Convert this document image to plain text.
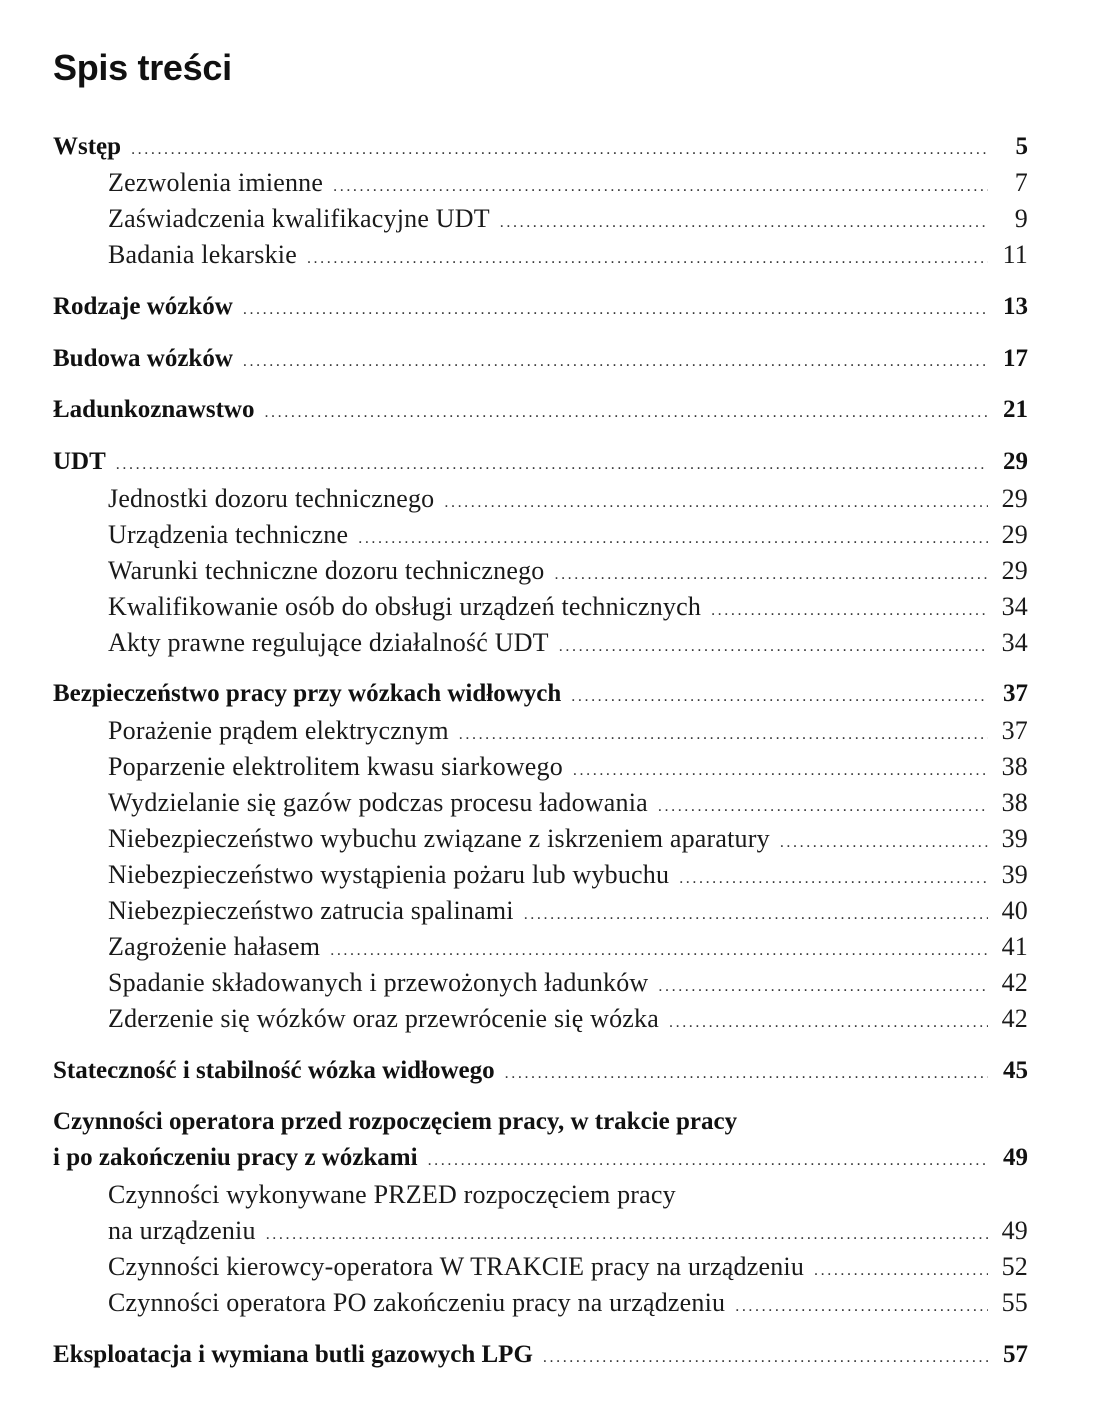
Spis treści
Wstęp .....	5
Zezwolenia imienne .....	7
Zaświadczenia kwalifikacyjne UDT .....	9
Badania lekarskie .....	11
Rodzaje wózków .....	13
Budowa wózków .....	17
Ładunkoznawstwo .....	21
UDT .....	29
Jednostki dozoru technicznego .....	29
Urządzenia techniczne .....	29
Warunki techniczne dozoru technicznego .....	29
Kwalifikowanie osób do obsługi urządzeń technicznych .....	34
Akty prawne regulujące działalność UDT .....	34
Bezpieczeństwo pracy przy wózkach widłowych .....	37
Porażenie prądem elektrycznym .....	37
Poparzenie elektrolitem kwasu siarkowego .....	38
Wydzielanie się gazów podczas procesu ładowania .....	38
Niebezpieczeństwo wybuchu związane z iskrzeniem aparatury .....	39
Niebezpieczeństwo wystąpienia pożaru lub wybuchu .....	39
Niebezpieczeństwo zatrucia spalinami .....	40
Zagrożenie hałasem .....	41
Spadanie składowanych i przewożonych ładunków .....	42
Zderzenie się wózków oraz przewrócenie się wózka .....	42
Stateczność i stabilność wózka widłowego .....	45
Czynności operatora przed rozpoczęciem pracy, w trakcie pracy
i po zakończeniu pracy z wózkami .....	49
Czynności wykonywane PRZED rozpoczęciem pracy
na urządzeniu .....	49
Czynności kierowcy-operatora W TRAKCIE pracy na urządzeniu .....	52
Czynności operatora PO zakończeniu pracy na urządzeniu .....	55
Eksploatacja i wymiana butli gazowych LPG .....	57
